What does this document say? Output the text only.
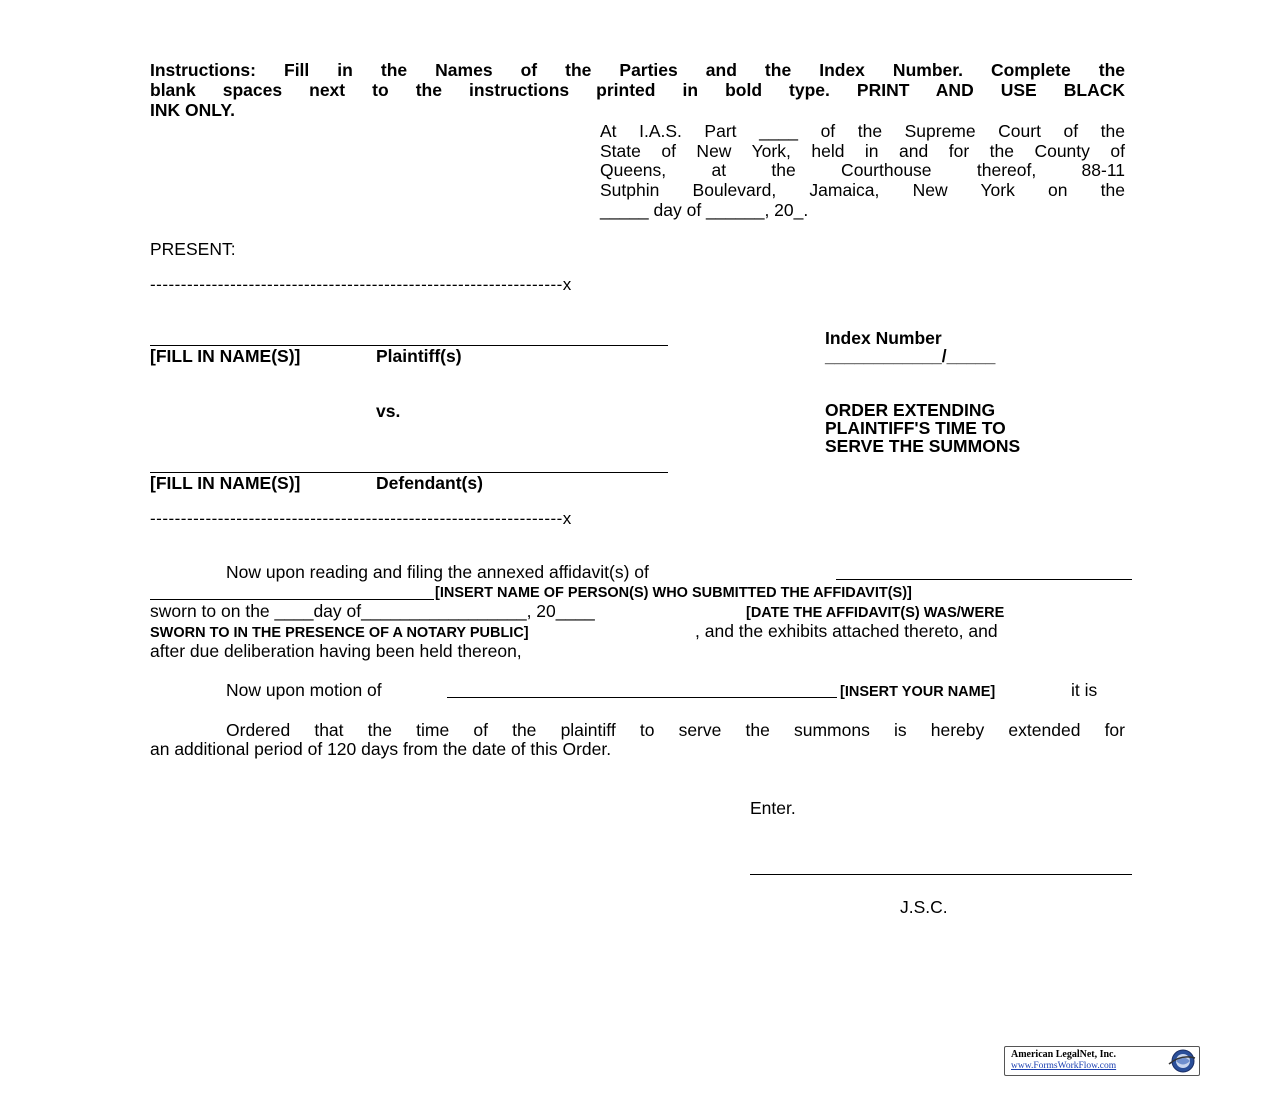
Instructions: Fill in the Names of the Parties and the Index Number. Complete the
blank spaces next to the instructions printed in bold type. PRINT AND USE BLACK
INK ONLY.
At I.A.S. Part ____ of the Supreme Court of the
State of New York, held in and for the County of
Queens, at the Courthouse thereof, 88-11
Sutphin Boulevard, Jamaica, New York on the
_____ day of ______, 20_.
PRESENT:
-------------------------------------------------------------------x
[FILL IN NAME(S)]	Plaintiff(s)
Index Number
____________/_____
vs.	ORDER EXTENDING
PLAINTIFF'S TIME TO
SERVE THE SUMMONS
[FILL IN NAME(S)]	Defendant(s)
-------------------------------------------------------------------x
Now upon reading and filing the annexed affidavit(s) of
[INSERT NAME OF PERSON(S) WHO SUBMITTED THE AFFIDAVIT(S)]
sworn to on the ____day of_________________, 20____	[DATE THE AFFIDAVIT(S) WAS/WERE
SWORN TO IN THE PRESENCE OF A NOTARY PUBLIC]	, and the exhibits attached thereto, and
after due deliberation having been held thereon,
Now upon motion of	[INSERT YOUR NAME]	it is
Ordered that the time of the plaintiff to serve the summons is hereby extended for
an additional period of 120 days from the date of this Order.
Enter.
J.S.C.
American LegalNet, Inc.
www.FormsWorkFlow.com
